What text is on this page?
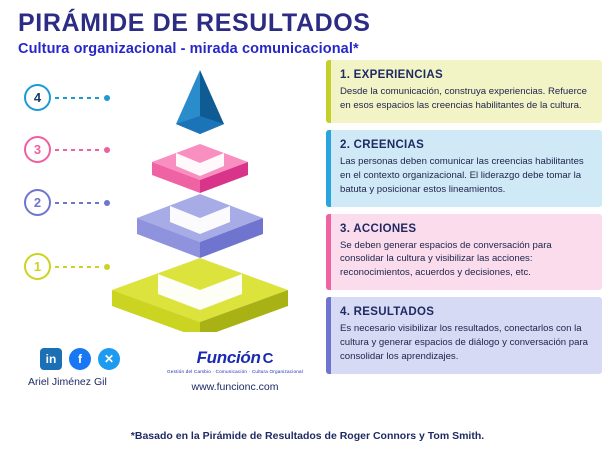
PIRÁMIDE DE RESULTADOS
Cultura organizacional - mirada comunicacional*
4
3
2
1
1. EXPERIENCIAS

Desde la comunicación, construya experiencias. Refuerce en esos espacios las creencias habilitantes de la cultura.

2. CREENCIAS

Las personas deben comunicar las creencias habilitantes en el contexto organizacional. El liderazgo debe tomar la batuta y posicionar estos lineamientos.

3. ACCIONES

Se deben generar espacios de conversación para consolidar la cultura y visibilizar las acciones: reconocimientos, acuerdos y decisiones, etc.

4. RESULTADOS

Es necesario visibilizar los resultados, conectarlos con la cultura y generar espacios de diálogo y conversación para consolidar los aprendizajes.

in	f	✕
Ariel Jiménez Gil
Función C
Gestión del Cambio · Comunicación · Cultura Organizacional
www.funcionc.com
*Basado en la Pirámide de Resultados de Roger Connors y Tom Smith.
